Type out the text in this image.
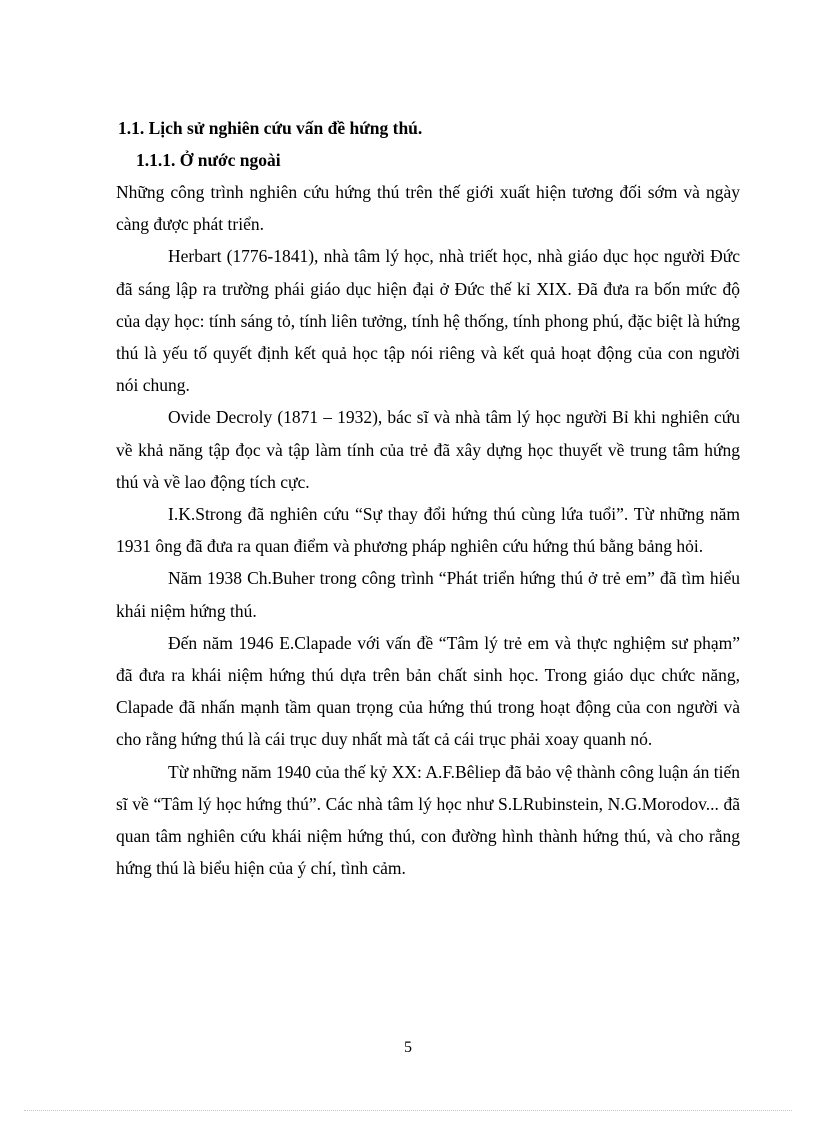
1.1. Lịch sử nghiên cứu vấn đề hứng thú.

1.1.1. Ở nước ngoài

Những công trình nghiên cứu hứng thú trên thế giới xuất hiện tương đối sớm và ngày càng được phát triển.

Herbart (1776-1841), nhà tâm lý học, nhà triết học, nhà giáo dục học người Đức đã sáng lập ra trường phái giáo dục hiện đại ở Đức thế kỉ XIX. Đã đưa ra bốn mức độ của dạy học: tính sáng tỏ, tính liên tưởng, tính hệ thống, tính phong phú, đặc biệt là hứng thú là yếu tố quyết định kết quả học tập nói riêng và kết quả hoạt động của con người nói chung.

Ovide Decroly (1871 – 1932), bác sĩ và nhà tâm lý học người Bỉ khi nghiên cứu về khả năng tập đọc và tập làm tính của trẻ đã xây dựng học thuyết về trung tâm hứng thú và về lao động tích cực.

I.K.Strong đã nghiên cứu “Sự thay đổi hứng thú cùng lứa tuổi”. Từ những năm 1931 ông đã đưa ra quan điểm và phương pháp nghiên cứu hứng thú bằng bảng hỏi.

Năm 1938 Ch.Buher trong công trình “Phát triển hứng thú ở trẻ em” đã tìm hiểu khái niệm hứng thú.

Đến năm 1946 E.Clapade với vấn đề “Tâm lý trẻ em và thực nghiệm sư phạm” đã đưa ra khái niệm hứng thú dựa trên bản chất sinh học. Trong giáo dục chức năng, Clapade đã nhấn mạnh tầm quan trọng của hứng thú trong hoạt động của con người và cho rằng hứng thú là cái trục duy nhất mà tất cả cái trục phải xoay quanh nó.

Từ những năm 1940 của thế kỷ XX: A.F.Bêliep đã bảo vệ thành công luận án tiến sĩ về “Tâm lý học hứng thú”. Các nhà tâm lý học như S.LRubinstein, N.G.Morodov... đã quan tâm nghiên cứu khái niệm hứng thú, con đường hình thành hứng thú, và cho rằng hứng thú là biểu hiện của ý chí, tình cảm.

5
